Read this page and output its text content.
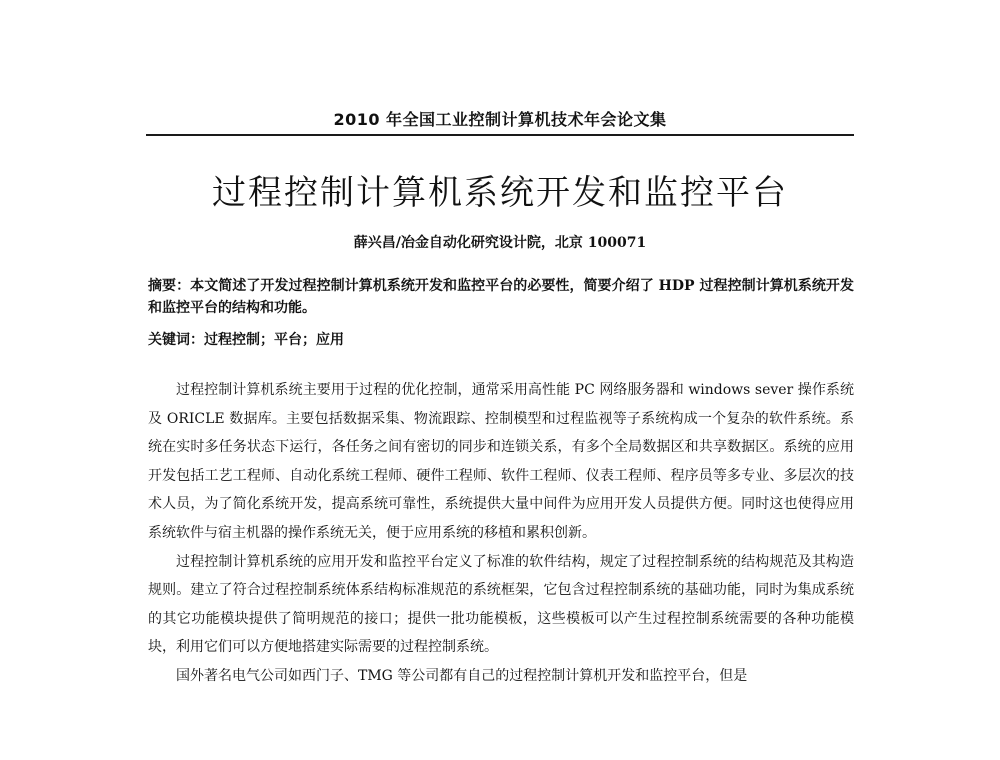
2010 年全国工业控制计算机技术年会论文集
过程控制计算机系统开发和监控平台
薛兴昌/冶金自动化研究设计院，北京 100071
摘要：本文简述了开发过程控制计算机系统开发和监控平台的必要性，简要介绍了 HDP 过程控制计算机系统开发和监控平台的结构和功能。
关键词：过程控制；平台；应用

过程控制计算机系统主要用于过程的优化控制，通常采用高性能 PC 网络服务器和 windows sever 操作系统及 ORICLE 数据库。主要包括数据采集、物流跟踪、控制模型和过程监视等子系统构成一个复杂的软件系统。系统在实时多任务状态下运行，各任务之间有密切的同步和连锁关系，有多个全局数据区和共享数据区。系统的应用开发包括工艺工程师、自动化系统工程师、硬件工程师、软件工程师、仪表工程师、程序员等多专业、多层次的技术人员，为了简化系统开发，提高系统可靠性，系统提供大量中间件为应用开发人员提供方便。同时这也使得应用系统软件与宿主机器的操作系统无关，便于应用系统的移植和累积创新。

过程控制计算机系统的应用开发和监控平台定义了标准的软件结构，规定了过程控制系统的结构规范及其构造规则。建立了符合过程控制系统体系结构标准规范的系统框架，它包含过程控制系统的基础功能，同时为集成系统的其它功能模块提供了简明规范的接口；提供一批功能模板，这些模板可以产生过程控制系统需要的各种功能模块，利用它们可以方便地搭建实际需要的过程控制系统。

国外著名电气公司如西门子、TMG 等公司都有自己的过程控制计算机开发和监控平台，但是
